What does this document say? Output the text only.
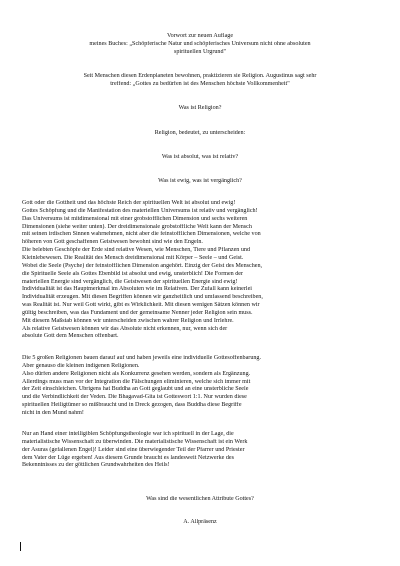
Vorwort zur neuen Auflage
meines Buches: „Schöpferische Natur und schöpferisches Universum nicht ohne absoluten
spirituellen Urgrund"
Seit Menschen diesen Erdenplaneten bewohnen, praktizieren sie Religion. Augustinus sagt sehr
treffend: „Gottes zu bedürfen ist des Menschen höchste Vollkommenheit"
Was ist Religion?
Religion, bedeutet, zu unterscheiden:
Was ist absolut, was ist relativ?
Was ist ewig, was ist vergänglich?
Gott oder die Gottheit und das höchste Reich der spirituellen Welt ist absolut und ewig!
Gottes Schöpfung und die Manifestation des materiellen Universums ist relativ und vergänglich!
Das Universums ist mitdimensional mit einer grobstofflichen Dimension und sechs weiteren
Dimensionen (siehe weiter unten). Der dreidimensionale grobstoffliche Welt kann der Mensch
mit seinen irdischen Sinnen wahrnehmen, nicht aber die feinstofflichen Dimensionen, welche von
höheren von Gott geschaffenen Geistwesen bewohnt sind wie den Engeln.
Die belebten Geschöpfe der Erde sind relative Wesen, wie Menschen, Tiere und Pflanzen und
Kleinlebewesen. Die Realität des Mensch dreidimensional mit Körper – Seele – und Geist.
Wobei die Seele (Psyche) der feinstofflichen Dimension angehört. Einzig der Geist des Menschen,
die Spirituelle Seele als Gottes Ebenbild ist absolut und ewig, unsterblich! Die Formen der
materiellen Energie sind vergänglich, die Geistwesen der spirituellen Energie sind ewig!
Individualität ist das Hauptmerkmal im Absoluten wie im Relativen. Der Zufall kann keinerlei
Individualität erzeugen. Mit diesen Begriffen können wir ganzheitlich und umfassend beschreiben,
was Realität ist. Nur weil Gott wirkt, gibt es Wirklichkeit. Mit diesen wenigen Sätzen können wir
gültig beschreiben, was das Fundament und der gemeinsame Nenner jeder Religion sein muss.
Mit diesem Maßstab können wir unterscheiden zwischen wahrer Religion und Irrlehre.
Als relative Geistwesen können wir das Absolute nicht erkennen, nur, wenn sich der
absolute Gott dem Menschen offenbart.
Die 5 großen Religionen bauen darauf auf und haben jeweils eine individuelle Gottesoffenbarung.
Aber genauso die kleinen indigenen Religionen.
Also dürfen andere Religionen nicht als Konkurrenz gesehen werden, sondern als Ergänzung.
Allerdings muss man vor der Integration die Fälschungen eliminieren, welche sich immer mit
der Zeit einschleichen. Übrigens hat Buddha an Gott geglaubt und an eine unsterbliche Seele
und die Verbindlichkeit der Veden. Die Bhagavad-Gita ist Gotteswort 1:1. Nur wurden diese
spirituellen Heiligtümer so mißbraucht und in Dreck gezogen, dass Buddha diese Begriffe
nicht in den Mund nahm!
Nur an Hand einer intelligiblen Schöpfungstheologie war ich spirituell in der Lage, die
materialistische Wissenschaft zu überwinden. Die materialistische Wissenschaft ist ein Werk
der Asuras (gefallenen Engel)! Leider sind eine überwiegender Teil der Pfarrer und Priester
dem Vater der Lüge ergeben! Aus diesem Grunde braucht es landesweit Netzwerke des
Bekenntnisses zu der göttlichen Grundwahrheiten des Heils!
Was sind die wesentlichen Attribute Gottes?
A. Allpräsenz
